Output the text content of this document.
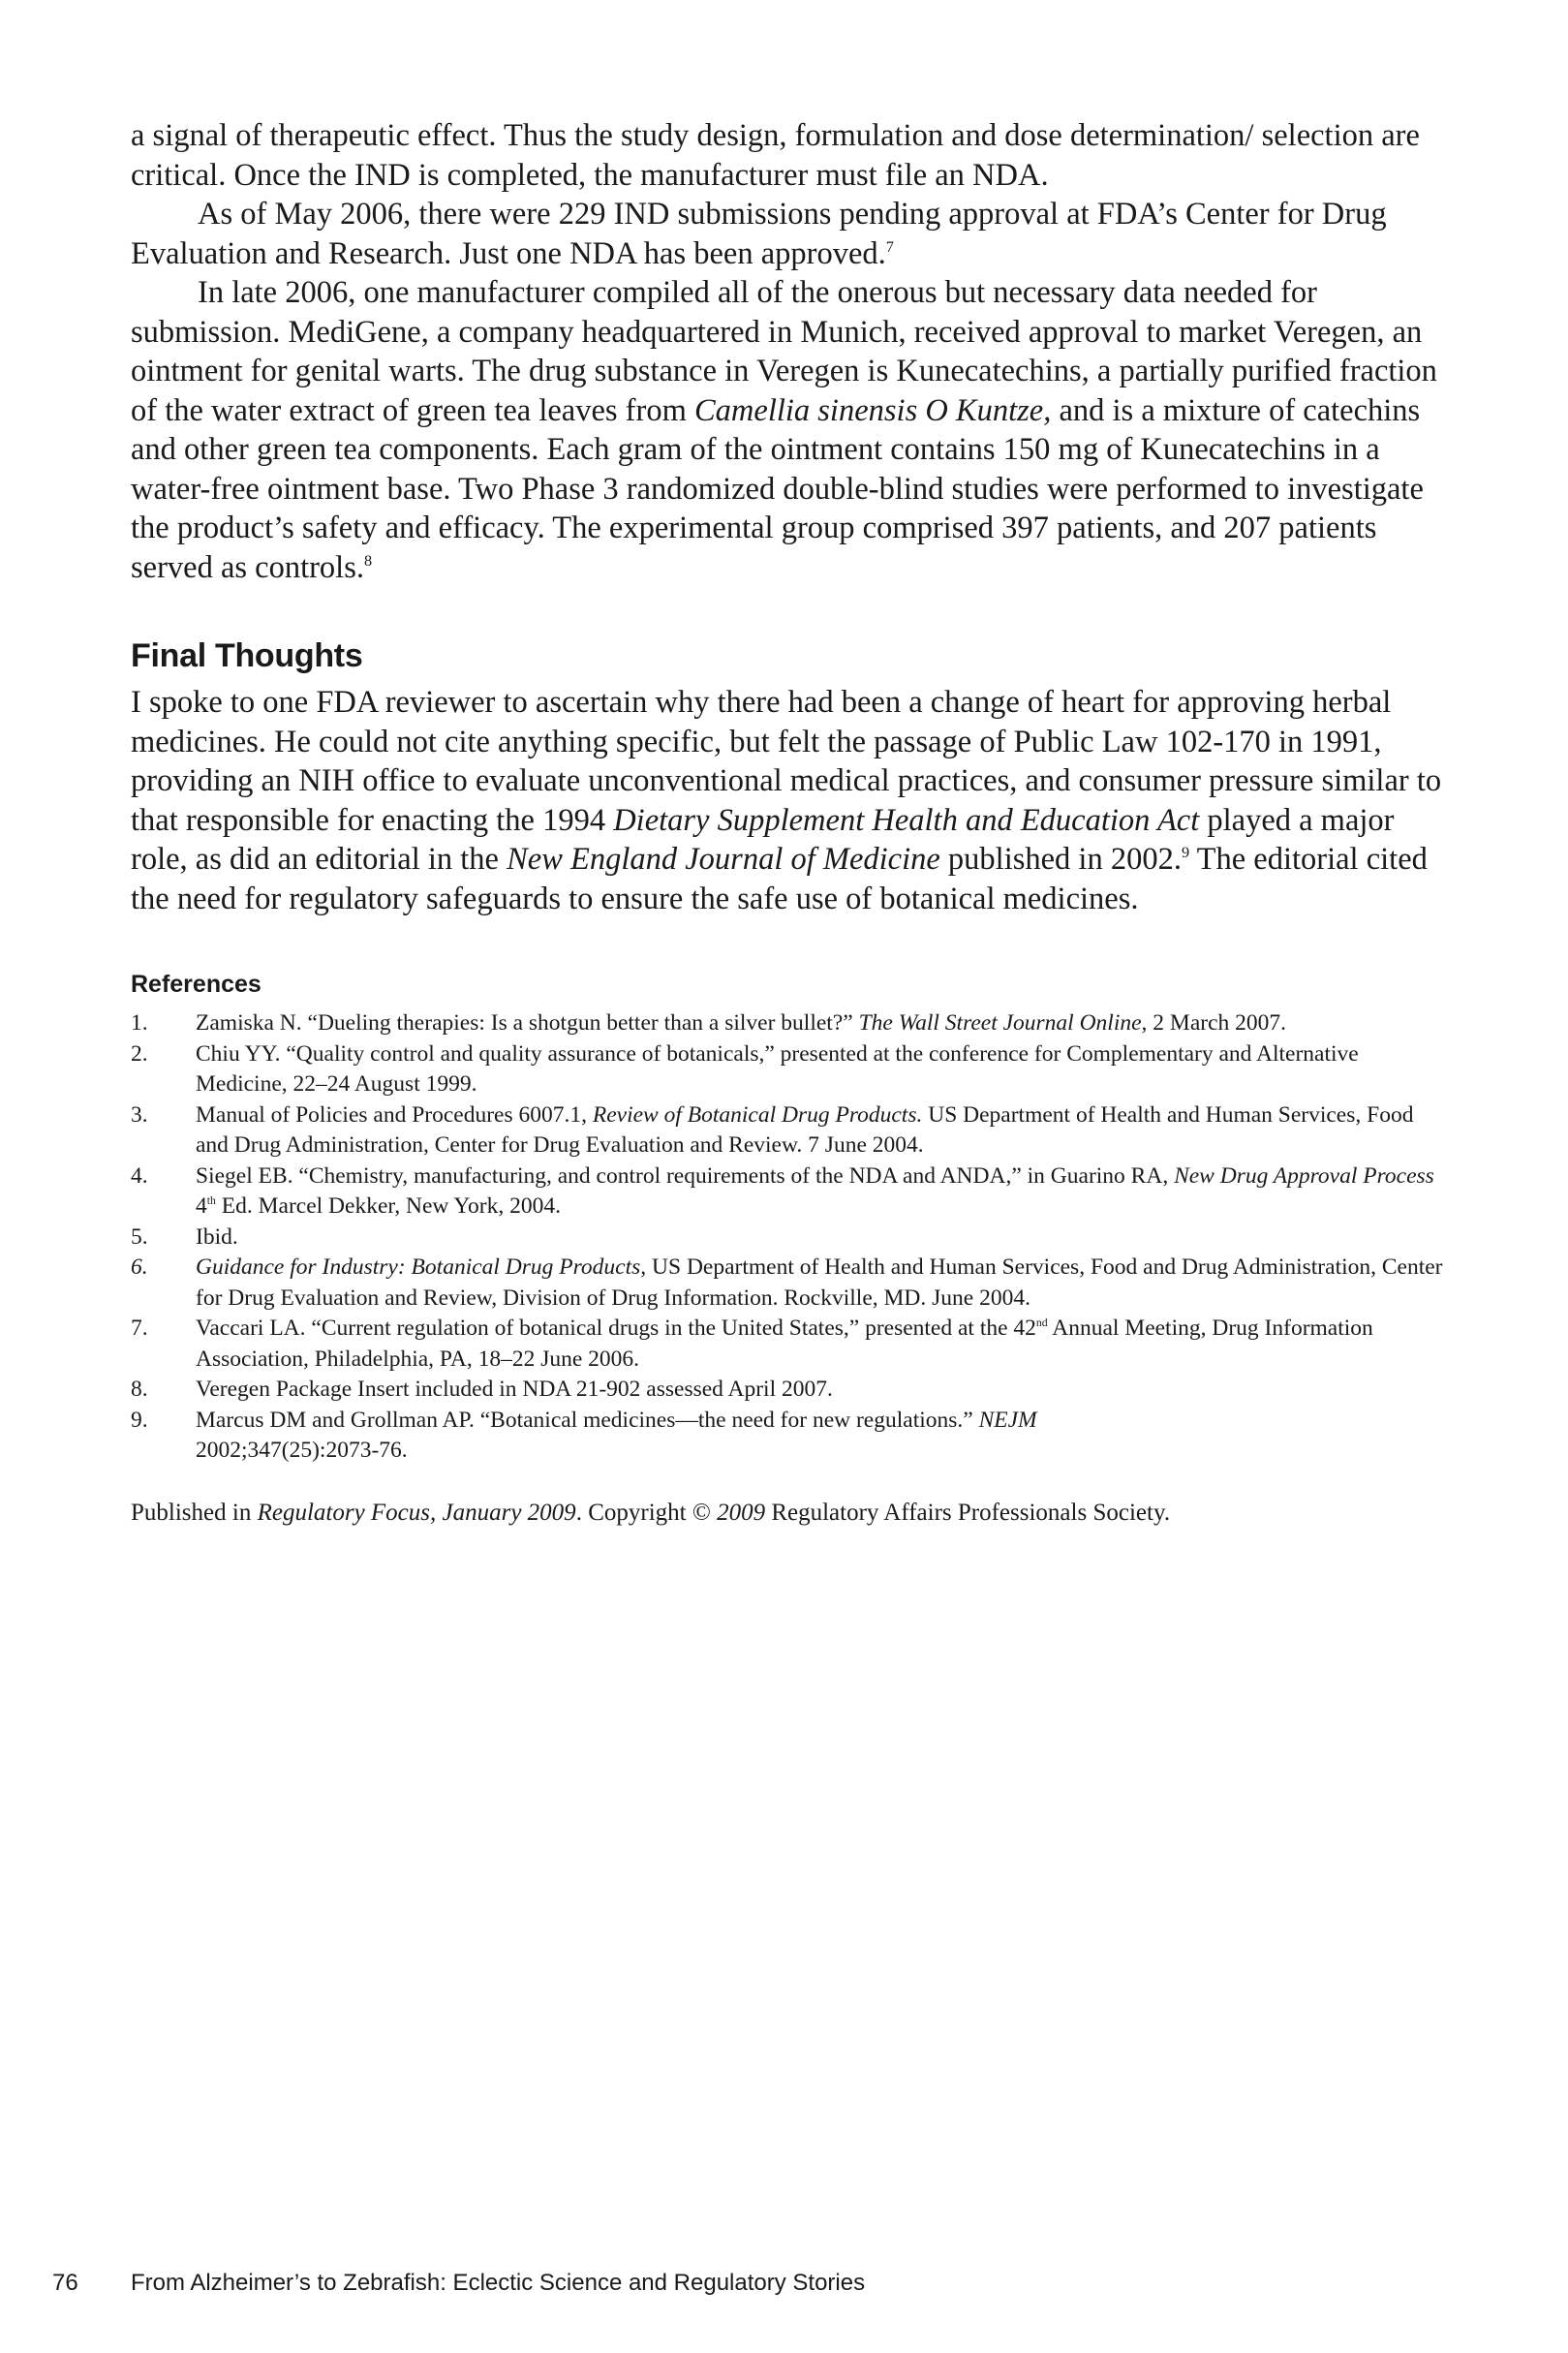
a signal of therapeutic effect. Thus the study design, formulation and dose determination/ selection are critical. Once the IND is completed, the manufacturer must file an NDA.

As of May 2006, there were 229 IND submissions pending approval at FDA’s Center for Drug Evaluation and Research. Just one NDA has been approved.$^7$

In late 2006, one manufacturer compiled all of the onerous but necessary data needed for submission. MediGene, a company headquartered in Munich, received approval to market Veregen, an ointment for genital warts. The drug substance in Veregen is Kunecatechins, a partially purified fraction of the water extract of green tea leaves from Camellia sinensis O Kuntze, and is a mixture of catechins and other green tea components. Each gram of the ointment contains 150 mg of Kunecatechins in a water-free ointment base. Two Phase 3 randomized double-blind studies were performed to investigate the product’s safety and efficacy. The experimental group comprised 397 patients, and 207 patients served as controls.$^8$

Final Thoughts

I spoke to one FDA reviewer to ascertain why there had been a change of heart for approving herbal medicines. He could not cite anything specific, but felt the passage of Public Law 102-170 in 1991, providing an NIH office to evaluate unconventional medical practices, and consumer pressure similar to that responsible for enacting the 1994 Dietary Supplement Health and Education Act played a major role, as did an editorial in the New England Journal of Medicine published in 2002.$^9$ The editorial cited the need for regulatory safeguards to ensure the safe use of botanical medicines.

References
1. Zamiska N. “Dueling therapies: Is a shotgun better than a silver bullet?” The Wall Street Journal Online, 2 March 2007.
2. Chiu YY. “Quality control and quality assurance of botanicals,” presented at the conference for Complementary and Alternative Medicine, 22–24 August 1999.
3. Manual of Policies and Procedures 6007.1, Review of Botanical Drug Products. US Department of Health and Human Services, Food and Drug Administration, Center for Drug Evaluation and Review. 7 June 2004.
4. Siegel EB. “Chemistry, manufacturing, and control requirements of the NDA and ANDA,” in Guarino RA, New Drug Approval Process 4th Ed. Marcel Dekker, New York, 2004.
5. Ibid.
6. Guidance for Industry: Botanical Drug Products, US Department of Health and Human Services, Food and Drug Administration, Center for Drug Evaluation and Review, Division of Drug Information. Rockville, MD. June 2004.
7. Vaccari LA. “Current regulation of botanical drugs in the United States,” presented at the 42nd Annual Meeting, Drug Information Association, Philadelphia, PA, 18–22 June 2006.
8. Veregen Package Insert included in NDA 21-902 assessed April 2007.
9. Marcus DM and Grollman AP. “Botanical medicines—the need for new regulations.” NEJM
2002;347(25):2073-76.

Published in Regulatory Focus, January 2009. Copyright © 2009 Regulatory Affairs Professionals Society.

76 From Alzheimer’s to Zebrafish: Eclectic Science and Regulatory Stories
